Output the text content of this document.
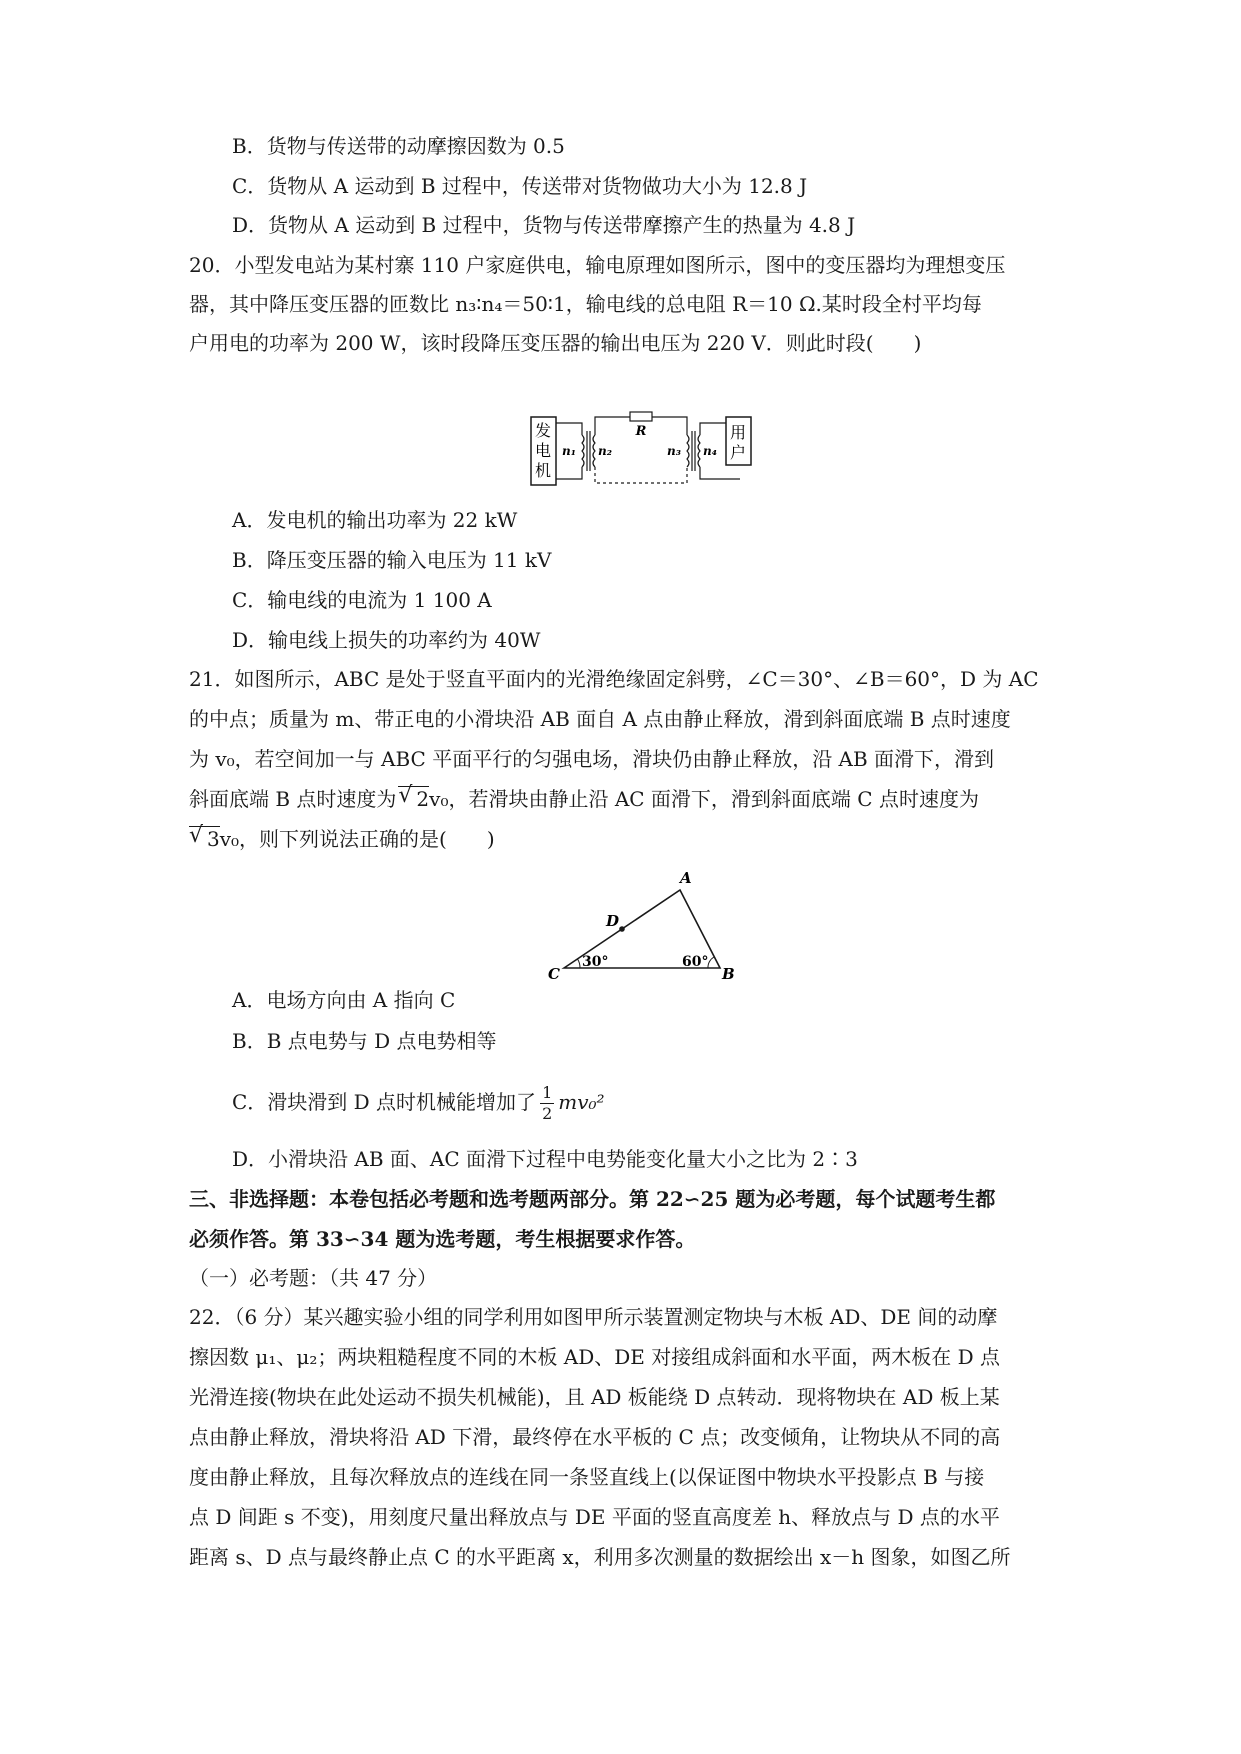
B．货物与传送带的动摩擦因数为 0.5
C．货物从 A 运动到 B 过程中，传送带对货物做功大小为 12.8 J
D．货物从 A 运动到 B 过程中，货物与传送带摩擦产生的热量为 4.8 J
20．小型发电站为某村寨 110 户家庭供电，输电原理如图所示，图中的变压器均为理想变压
器，其中降压变压器的匝数比 n₃∶n₄＝50∶1，输电线的总电阻 R＝10 Ω.某时段全村平均每
户用电的功率为 200 W，该时段降压变压器的输出电压为 220 V．则此时段(　　)
发
电
机
n₁ n₂
R
n₃ n₄
用
户
A．发电机的输出功率为 22 kW
B．降压变压器的输入电压为 11 kV
C．输电线的电流为 1 100 A
D．输电线上损失的功率约为 40W
21．如图所示，ABC 是处于竖直平面内的光滑绝缘固定斜劈，∠C＝30°、∠B＝60°，D 为 AC
的中点；质量为 m、带正电的小滑块沿 AB 面自 A 点由静止释放，滑到斜面底端 B 点时速度
为 v₀，若空间加一与 ABC 平面平行的匀强电场，滑块仍由静止释放，沿 AB 面滑下，滑到
斜面底端 B 点时速度为√ 2v₀，若滑块由静止沿 AC 面滑下，滑到斜面底端 C 点时速度为
√ 3v₀，则下列说法正确的是(　　)
A
B
C
D
30°	60°
A．电场方向由 A 指向 C
B．B 点电势与 D 点电势相等
C．滑块滑到 D 点时机械能增加了 $\frac{1}{2} mv_0^2$
D．小滑块沿 AB 面、AC 面滑下过程中电势能变化量大小之比为 2∶3
三、非选择题：本卷包括必考题和选考题两部分。第 22∽25 题为必考题，每个试题考生都
必须作答。第 33∽34 题为选考题，考生根据要求作答。
（一）必考题：（共 47 分）
22．（6 分）某兴趣实验小组的同学利用如图甲所示装置测定物块与木板 AD、DE 间的动摩
擦因数 μ₁、μ₂；两块粗糙程度不同的木板 AD、DE 对接组成斜面和水平面，两木板在 D 点
光滑连接(物块在此处运动不损失机械能)，且 AD 板能绕 D 点转动．现将物块在 AD 板上某
点由静止释放，滑块将沿 AD 下滑，最终停在水平板的 C 点；改变倾角，让物块从不同的高
度由静止释放，且每次释放点的连线在同一条竖直线上(以保证图中物块水平投影点 B 与接
点 D 间距 s 不变)，用刻度尺量出释放点与 DE 平面的竖直高度差 h、释放点与 D 点的水平
距离 s、D 点与最终静止点 C 的水平距离 x，利用多次测量的数据绘出 x－h 图象，如图乙所
